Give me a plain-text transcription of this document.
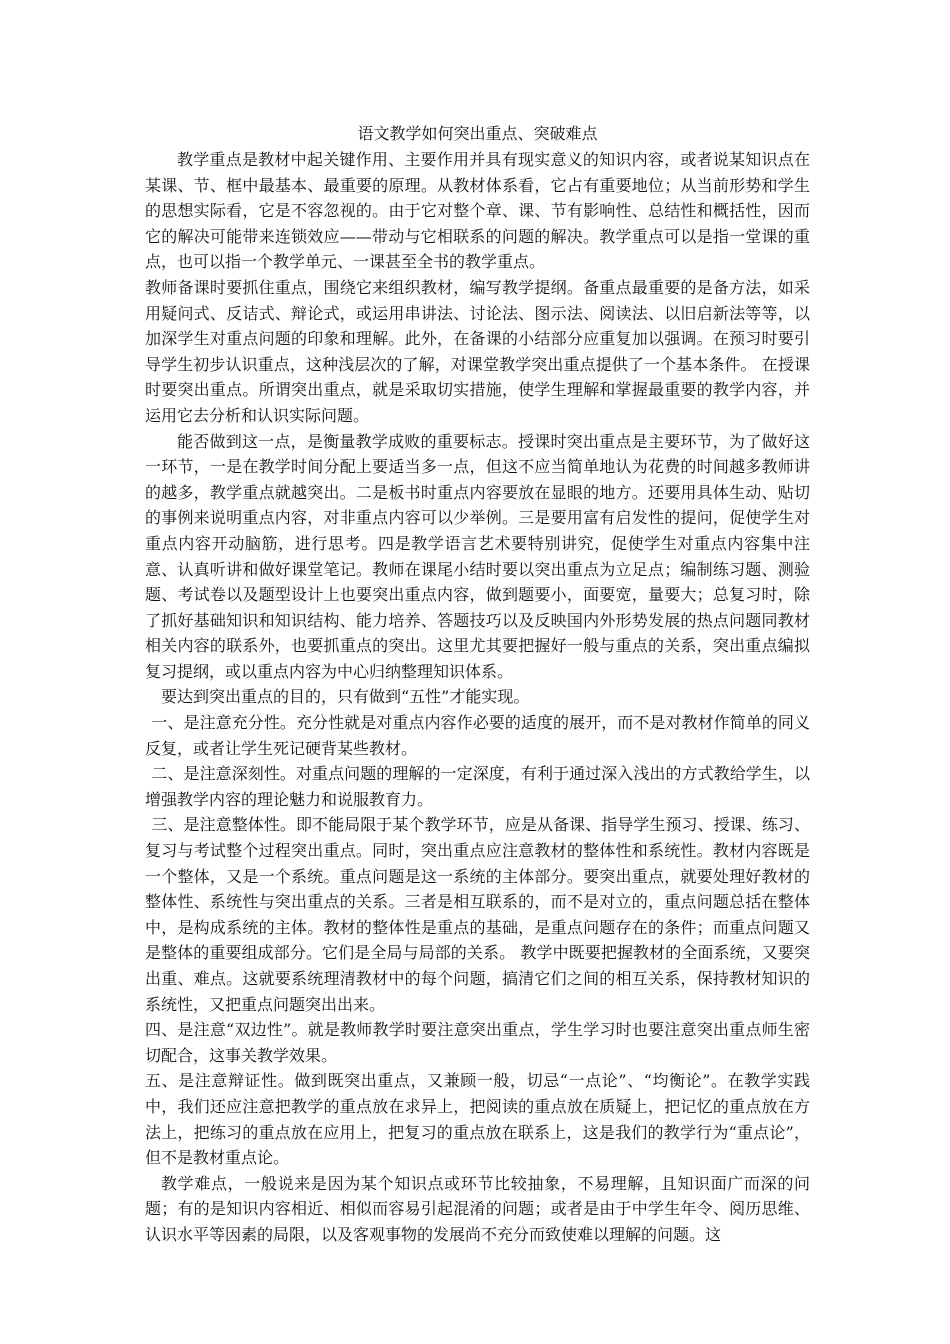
语文教学如何突出重点、突破难点

教学重点是教材中起关键作用、主要作用并具有现实意义的知识内容，或者说某知识点在某课、节、框中最基本、最重要的原理。从教材体系看，它占有重要地位；从当前形势和学生的思想实际看，它是不容忽视的。由于它对整个章、课、节有影响性、总结性和概括性，因而它的解决可能带来连锁效应——带动与它相联系的问题的解决。教学重点可以是指一堂课的重点，也可以指一个教学单元、一课甚至全书的教学重点。

教师备课时要抓住重点，围绕它来组织教材，编写教学提纲。备重点最重要的是备方法，如采用疑问式、反诘式、辩论式，或运用串讲法、讨论法、图示法、阅读法、以旧启新法等等，以加深学生对重点问题的印象和理解。此外，在备课的小结部分应重复加以强调。在预习时要引导学生初步认识重点，这种浅层次的了解，对课堂教学突出重点提供了一个基本条件。 在授课时要突出重点。所谓突出重点，就是采取切实措施，使学生理解和掌握最重要的教学内容，并运用它去分析和认识实际问题。

能否做到这一点，是衡量教学成败的重要标志。授课时突出重点是主要环节，为了做好这一环节，一是在教学时间分配上要适当多一点，但这不应当简单地认为花费的时间越多教师讲的越多，教学重点就越突出。二是板书时重点内容要放在显眼的地方。还要用具体生动、贴切的事例来说明重点内容，对非重点内容可以少举例。三是要用富有启发性的提问，促使学生对重点内容开动脑筋，进行思考。四是教学语言艺术要特别讲究，促使学生对重点内容集中注意、认真听讲和做好课堂笔记。教师在课尾小结时要以突出重点为立足点；编制练习题、测验题、考试卷以及题型设计上也要突出重点内容，做到题要小，面要宽，量要大；总复习时，除了抓好基础知识和知识结构、能力培养、答题技巧以及反映国内外形势发展的热点问题同教材相关内容的联系外，也要抓重点的突出。这里尤其要把握好一般与重点的关系，突出重点编拟复习提纲，或以重点内容为中心归纳整理知识体系。

要达到突出重点的目的，只有做到“五性”才能实现。

一、是注意充分性。充分性就是对重点内容作必要的适度的展开，而不是对教材作简单的同义反复，或者让学生死记硬背某些教材。

二、是注意深刻性。对重点问题的理解的一定深度，有利于通过深入浅出的方式教给学生，以增强教学内容的理论魅力和说服教育力。

三、是注意整体性。即不能局限于某个教学环节，应是从备课、指导学生预习、授课、练习、复习与考试整个过程突出重点。同时，突出重点应注意教材的整体性和系统性。教材内容既是一个整体，又是一个系统。重点问题是这一系统的主体部分。要突出重点，就要处理好教材的整体性、系统性与突出重点的关系。三者是相互联系的，而不是对立的，重点问题总括在整体中，是构成系统的主体。教材的整体性是重点的基础，是重点问题存在的条件；而重点问题又是整体的重要组成部分。它们是全局与局部的关系。 教学中既要把握教材的全面系统，又要突出重、难点。这就要系统理清教材中的每个问题，搞清它们之间的相互关系，保持教材知识的系统性，又把重点问题突出出来。

四、是注意“双边性”。就是教师教学时要注意突出重点，学生学习时也要注意突出重点师生密切配合，这事关教学效果。

五、是注意辩证性。做到既突出重点，又兼顾一般，切忌“一点论”、“均衡论”。在教学实践中，我们还应注意把教学的重点放在求异上，把阅读的重点放在质疑上，把记忆的重点放在方法上，把练习的重点放在应用上，把复习的重点放在联系上，这是我们的教学行为“重点论”，但不是教材重点论。

教学难点，一般说来是因为某个知识点或环节比较抽象，不易理解，且知识面广而深的问题；有的是知识内容相近、相似而容易引起混淆的问题；或者是由于中学生年令、阅历思维、认识水平等因素的局限，以及客观事物的发展尚不充分而致使难以理解的问题。这
